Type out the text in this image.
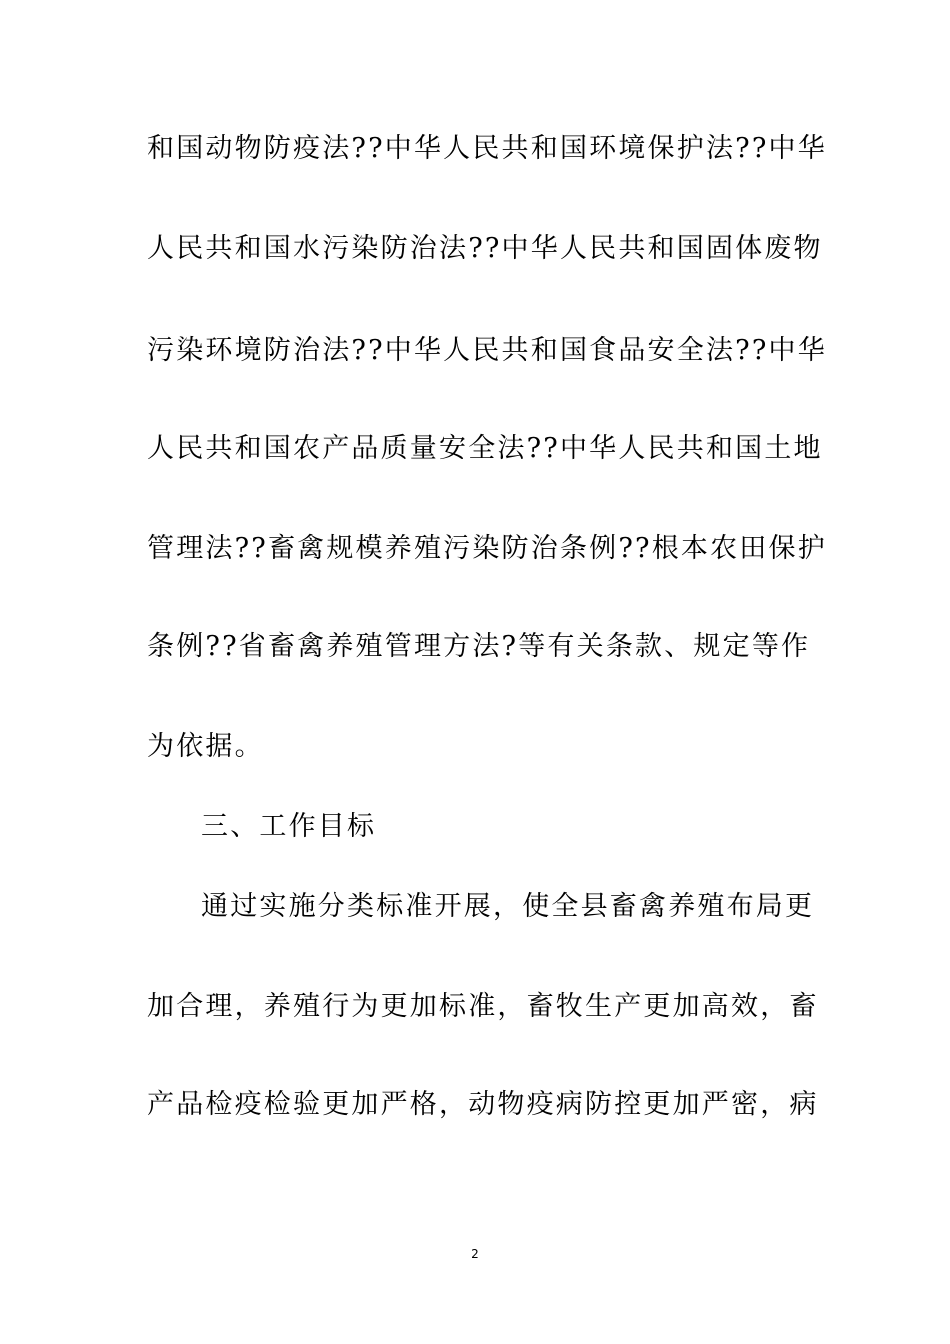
和国动物防疫法??中华人民共和国环境保护法??中华
人民共和国水污染防治法??中华人民共和国固体废物
污染环境防治法??中华人民共和国食品安全法??中华
人民共和国农产品质量安全法??中华人民共和国土地
管理法??畜禽规模养殖污染防治条例??根本农田保护
条例??省畜禽养殖管理方法?等有关条款、规定等作
为依据。
三、工作目标
通过实施分类标准开展，使全县畜禽养殖布局更
加合理，养殖行为更加标准，畜牧生产更加高效，畜
产品检疫检验更加严格，动物疫病防控更加严密，病
2
